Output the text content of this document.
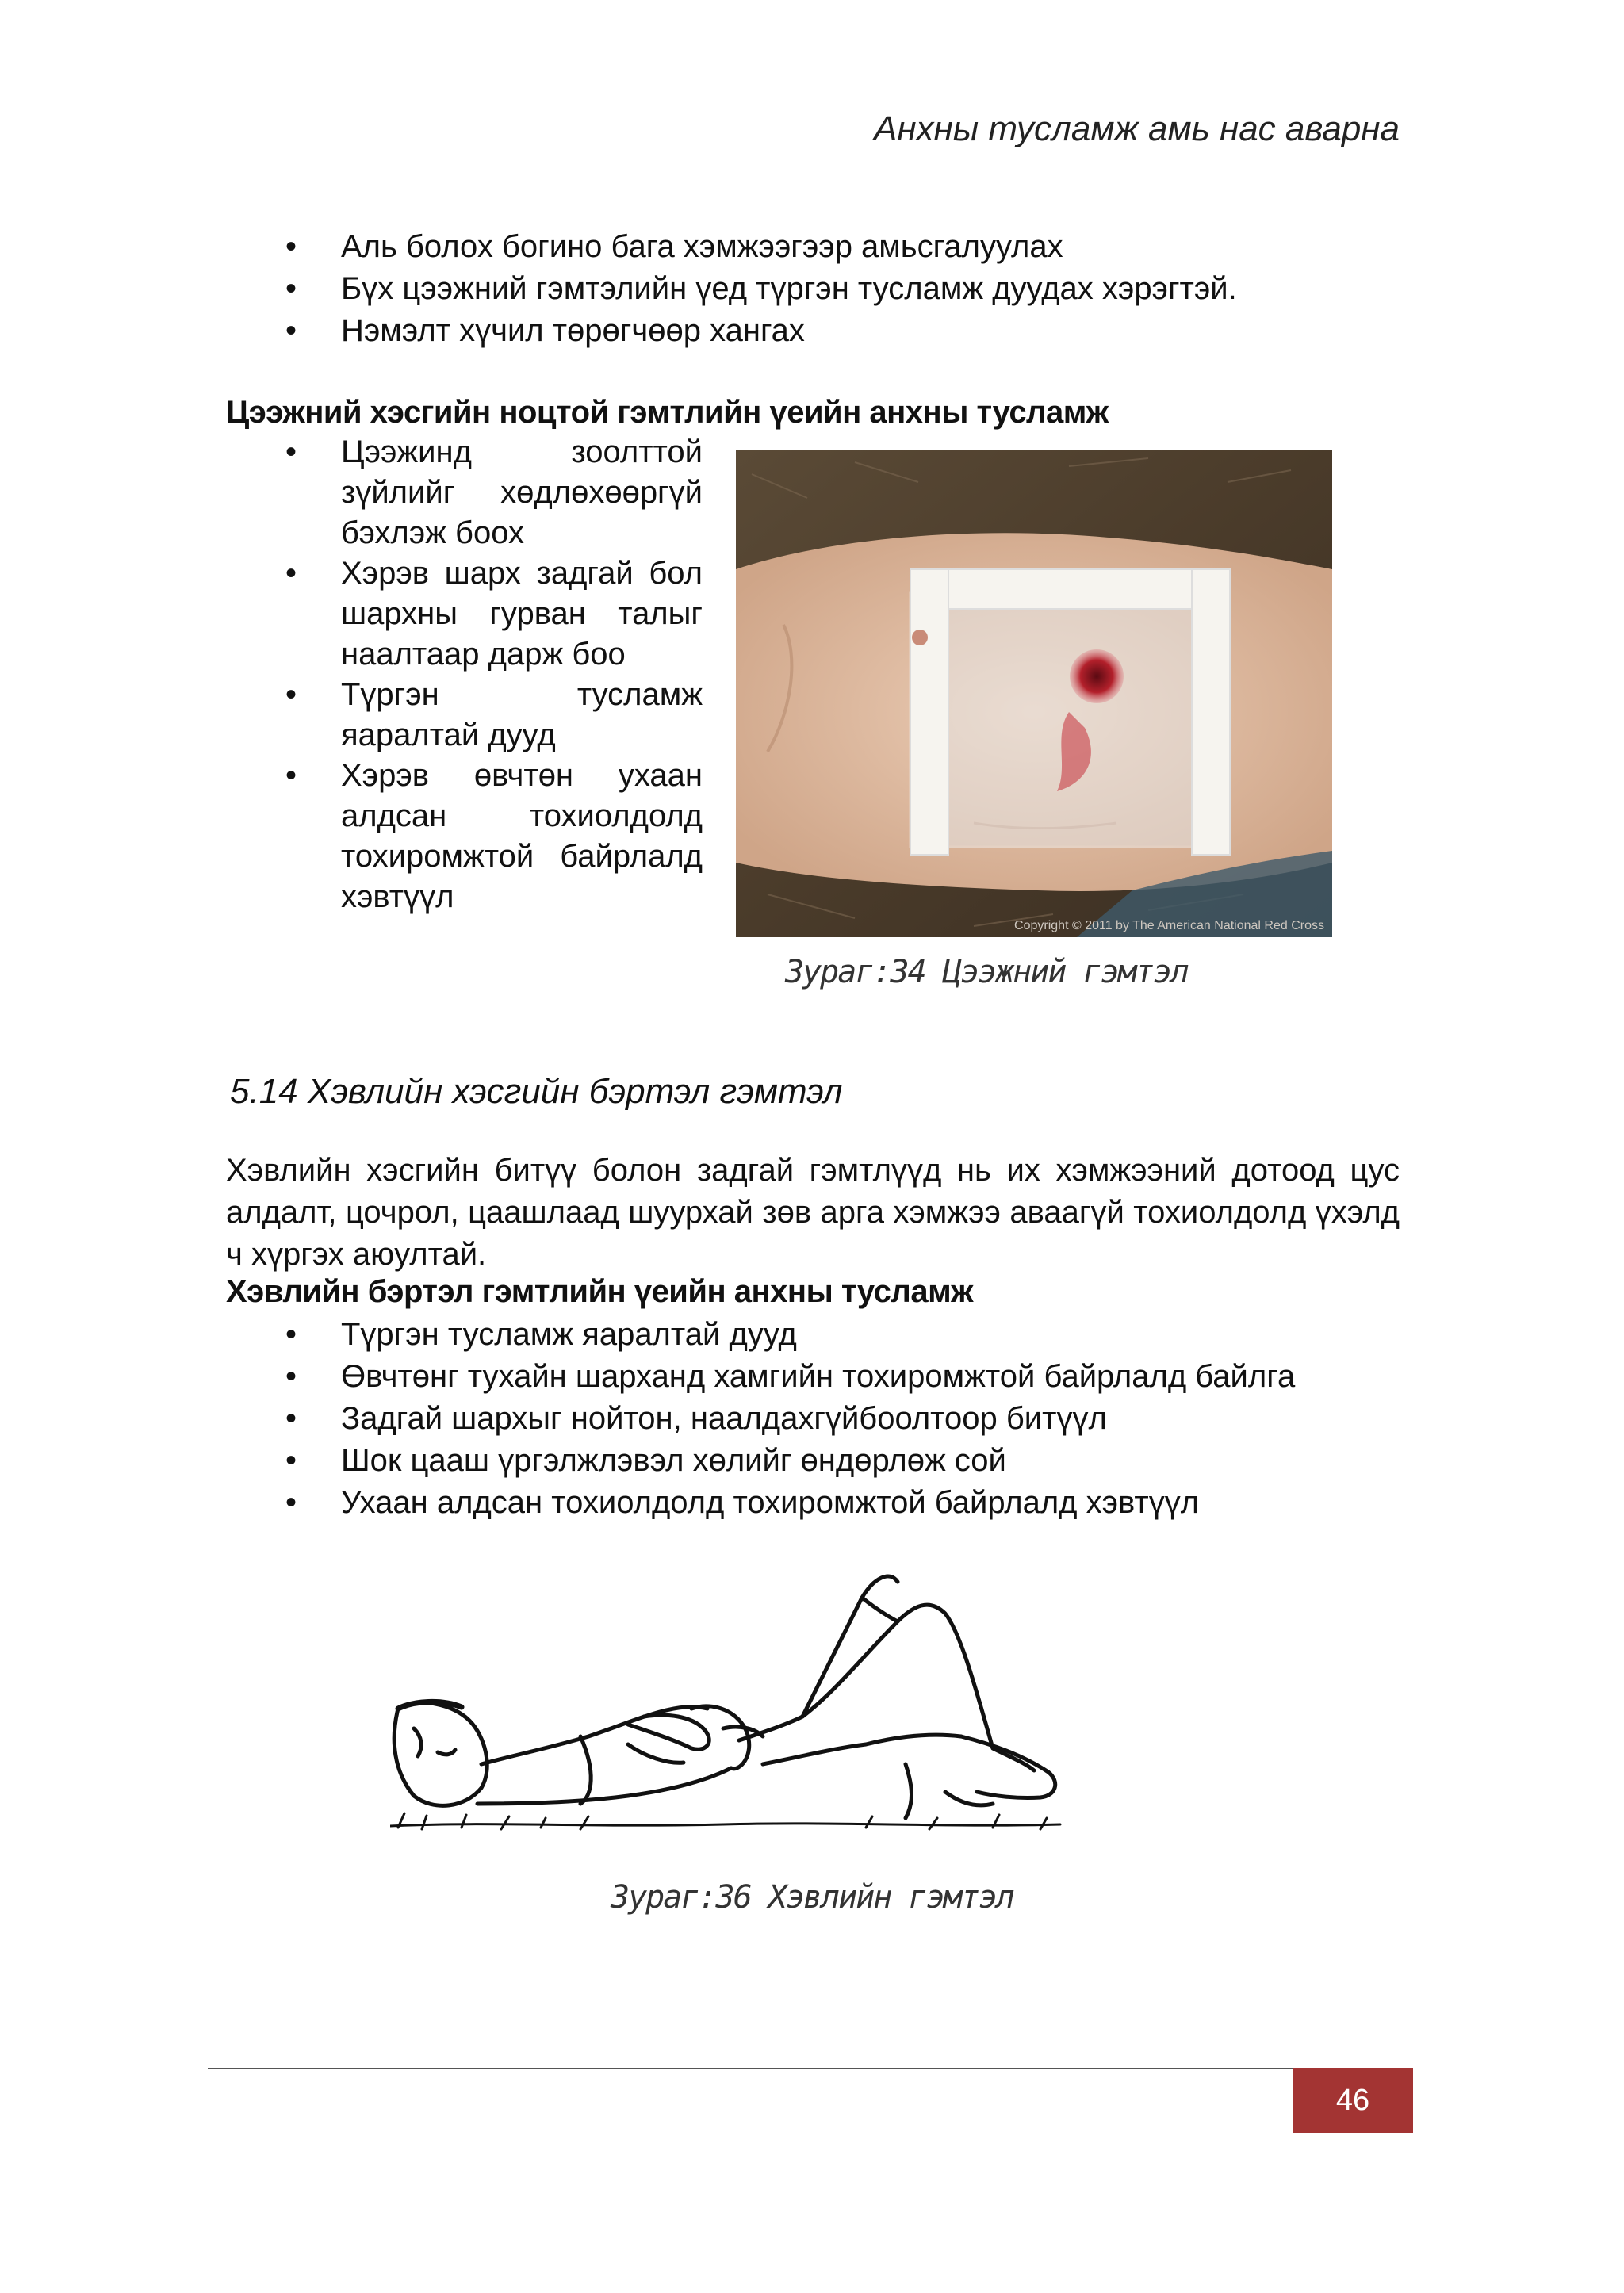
Анхны тусламж амь нас аварна
• Аль болох богино бага хэмжээгээр амьсгалуулах
• Бүх цээжний гэмтэлийн үед түргэн тусламж дуудах хэрэгтэй.
• Нэмэлт хүчил төрөгчөөр хангах
Цээжний хэсгийн ноцтой гэмтлийн үеийн анхны тусламж
• Цээжинд зоолттой зүйлийг хөдлөхөөргүй бэхлэж боох
• Хэрэв шарх задгай бол шархны гурван талыг наалтаар дарж боо
• Түргэн тусламж яаралтай дууд
• Хэрэв өвчтөн ухаан алдсан тохиолдолд тохиромжтой байрлалд хэвтүүл
Copyright © 2011 by The American National Red Cross
Зураг:34 Цээжний гэмтэл
5.14 Хэвлийн хэсгийн бэртэл гэмтэл
Хэвлийн хэсгийн битүү болон задгай гэмтлүүд нь их хэмжээний дотоод цус алдалт, цочрол, цаашлаад шуурхай зөв арга хэмжээ аваагүй тохиолдолд үхэлд ч хүргэх аюултай.
Хэвлийн бэртэл гэмтлийн үеийн анхны тусламж
• Түргэн тусламж яаралтай дууд
• Өвчтөнг тухайн шарханд хамгийн тохиромжтой байрлалд байлга
• Задгай шархыг нойтон, наалдахгүйбоолтоор битүүл
• Шок цааш үргэлжлэвэл хөлийг өндөрлөж сой
• Ухаан алдсан тохиолдолд тохиромжтой байрлалд хэвтүүл
Зураг:36 Хэвлийн гэмтэл
46
